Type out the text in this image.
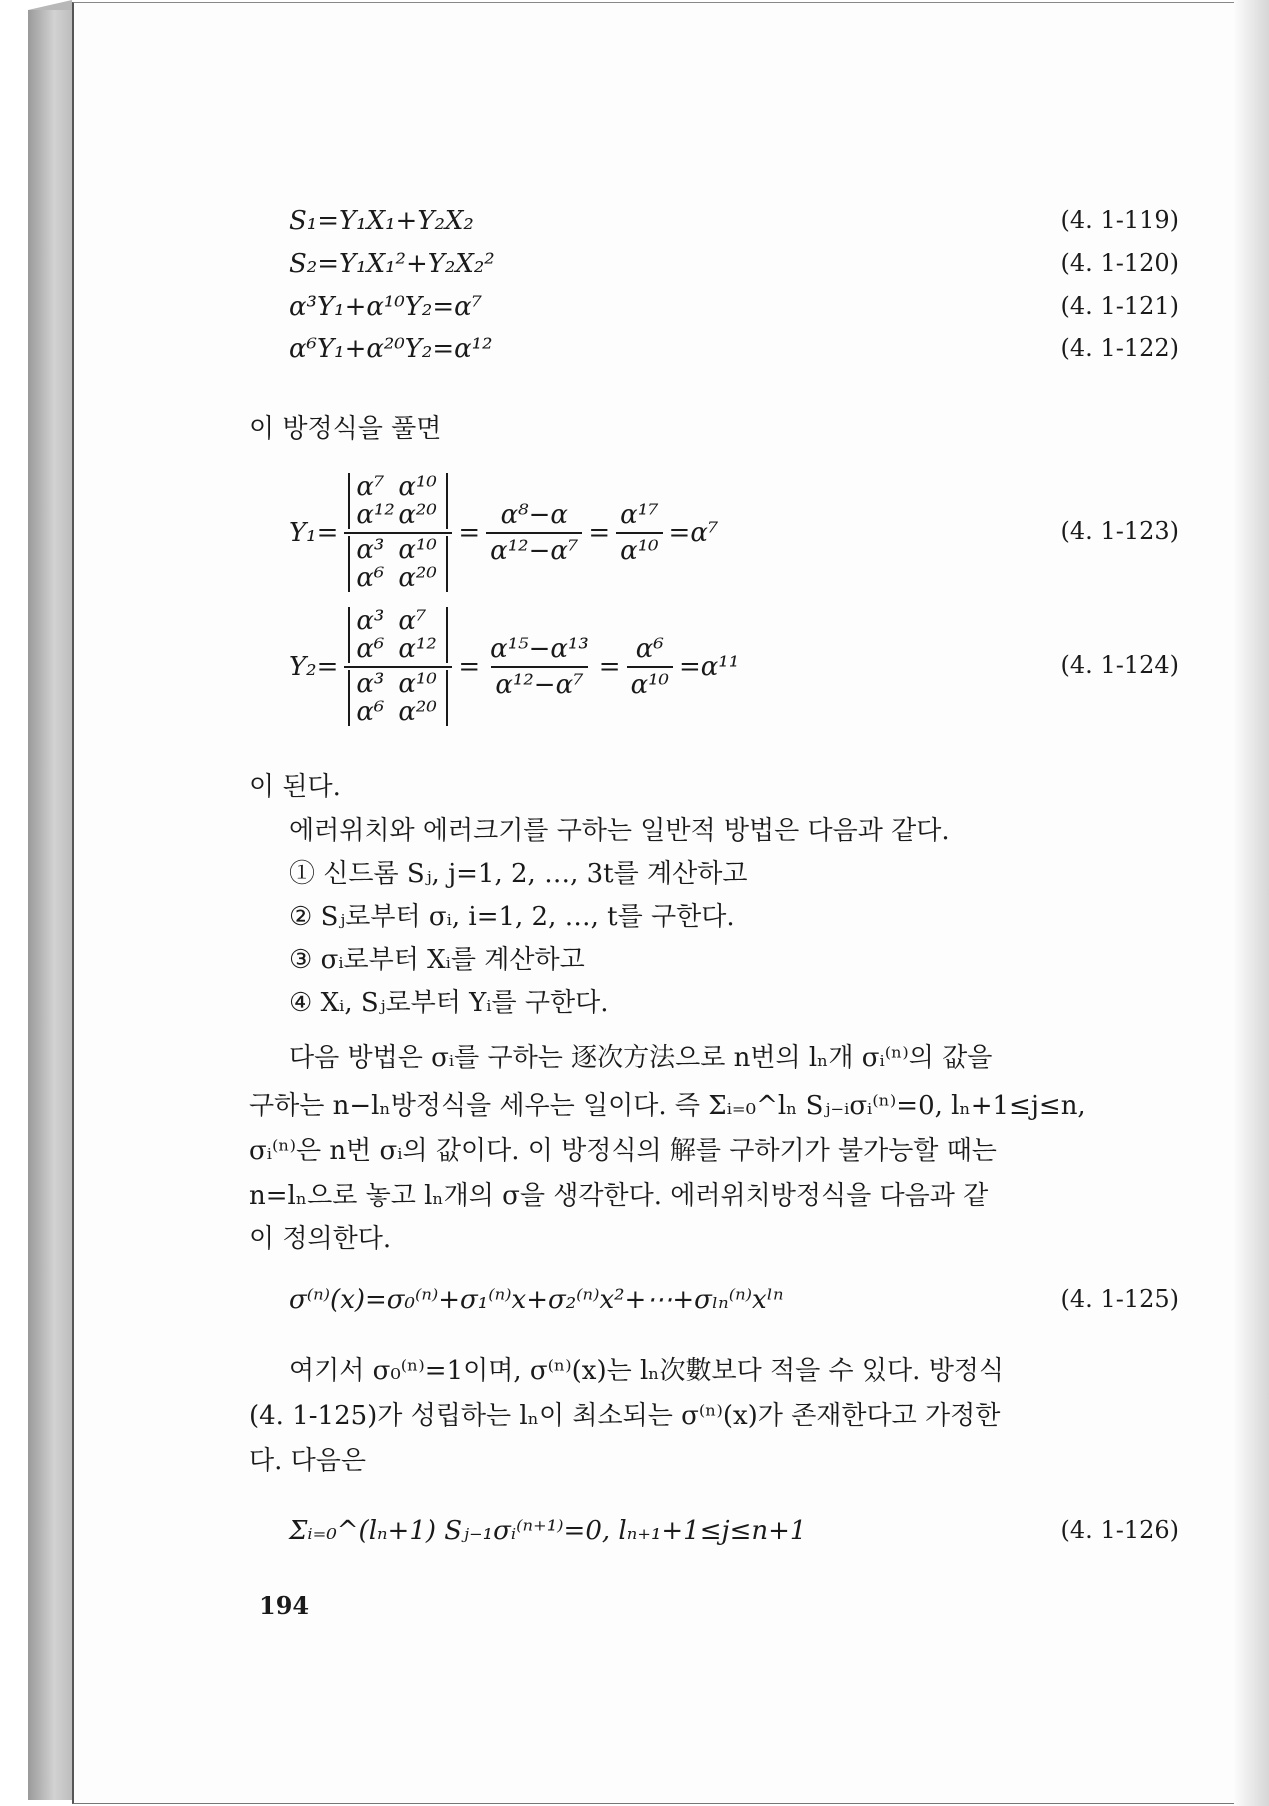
S₁=Y₁X₁+Y₂X₂	(4. 1-119)
S₂=Y₁X₁²+Y₂X₂²	(4. 1-120)
α³Y₁+α¹⁰Y₂=α⁷	(4. 1-121)
α⁶Y₁+α²⁰Y₂=α¹²	(4. 1-122)
이 방정식을 풀면
Y₁=
α⁷ α¹⁰
α¹² α²⁰
α³ α¹⁰
α⁶ α²⁰
= $\frac{\text{α⁸−α}}{\text{α¹²−α⁷}} = \frac{\text{α¹⁷}}{\text{α¹⁰}} =\alpha^7$	(4. 1-123)
Y₂=
α³ α⁷
α⁶ α¹²
α³ α¹⁰
α⁶ α²⁰
= $\frac{\text{α¹⁵−α¹³}}{\text{α¹²−α⁷}} = \frac{\text{α⁶}}{\text{α¹⁰}} =\alpha^{11}$	(4. 1-124)
이 된다.
에러위치와 에러크기를 구하는 일반적 방법은 다음과 같다.
① 신드롬 Sⱼ, j=1, 2, …, 3t를 계산하고
② Sⱼ로부터 σᵢ, i=1, 2, …, t를 구한다.
③ σᵢ로부터 Xᵢ를 계산하고
④ Xᵢ, Sⱼ로부터 Yᵢ를 구한다.
다음 방법은 σᵢ를 구하는 逐次方法으로 n번의 lₙ개 σᵢ⁽ⁿ⁾의 값을
구하는 n−lₙ방정식을 세우는 일이다. 즉 Σᵢ₌₀^lₙ Sⱼ₋ᵢσᵢ⁽ⁿ⁾=0, lₙ+1≤j≤n,
σᵢ⁽ⁿ⁾은 n번 σᵢ의 값이다. 이 방정식의 解를 구하기가 불가능할 때는
n=lₙ으로 놓고 lₙ개의 σ을 생각한다. 에러위치방정식을 다음과 같
이 정의한다.
σ⁽ⁿ⁾(x)=σ₀⁽ⁿ⁾+σ₁⁽ⁿ⁾x+σ₂⁽ⁿ⁾x²+⋯+σₗₙ⁽ⁿ⁾xˡⁿ	(4. 1-125)
여기서 σ₀⁽ⁿ⁾=1이며, σ⁽ⁿ⁾(x)는 lₙ次數보다 적을 수 있다. 방정식
(4. 1-125)가 성립하는 lₙ이 최소되는 σ⁽ⁿ⁾(x)가 존재한다고 가정한
다. 다음은
Σᵢ₌₀^(lₙ+1) Sⱼ₋₁σᵢ⁽ⁿ⁺¹⁾=0, lₙ₊₁+1≤j≤n+1	(4. 1-126)
194
